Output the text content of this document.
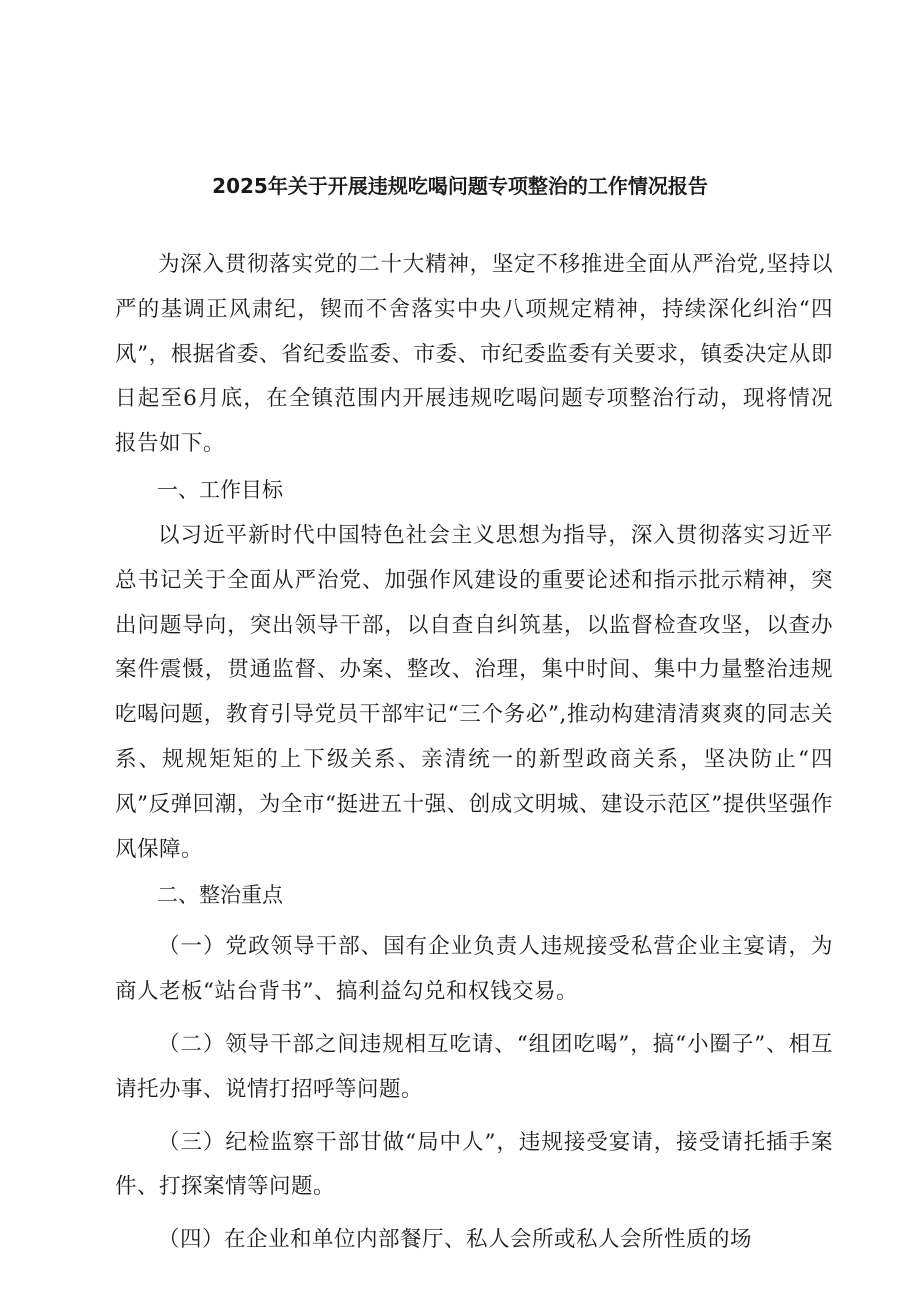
2025年关于开展违规吃喝问题专项整治的工作情况报告

为深入贯彻落实党的二十大精神，坚定不移推进全面从严治党,坚持以严的基调正风肃纪，锲而不舍落实中央八项规定精神，持续深化纠治“四风”，根据省委、省纪委监委、市委、市纪委监委有关要求，镇委决定从即日起至6月底，在全镇范围内开展违规吃喝问题专项整治行动，现将情况报告如下。

一、工作目标

以习近平新时代中国特色社会主义思想为指导，深入贯彻落实习近平总书记关于全面从严治党、加强作风建设的重要论述和指示批示精神，突出问题导向，突出领导干部，以自查自纠筑基，以监督检查攻坚，以查办案件震慑，贯通监督、办案、整改、治理，集中时间、集中力量整治违规吃喝问题，教育引导党员干部牢记“三个务必”,推动构建清清爽爽的同志关系、规规矩矩的上下级关系、亲清统一的新型政商关系，坚决防止“四风”反弹回潮，为全市“挺进五十强、创成文明城、建设示范区”提供坚强作风保障。

二、整治重点

（一）党政领导干部、国有企业负责人违规接受私营企业主宴请，为商人老板“站台背书”、搞利益勾兑和权钱交易。

（二）领导干部之间违规相互吃请、“组团吃喝”，搞“小圈子”、相互请托办事、说情打招呼等问题。

（三）纪检监察干部甘做“局中人”，违规接受宴请，接受请托插手案件、打探案情等问题。

（四）在企业和单位内部餐厅、私人会所或私人会所性质的场
